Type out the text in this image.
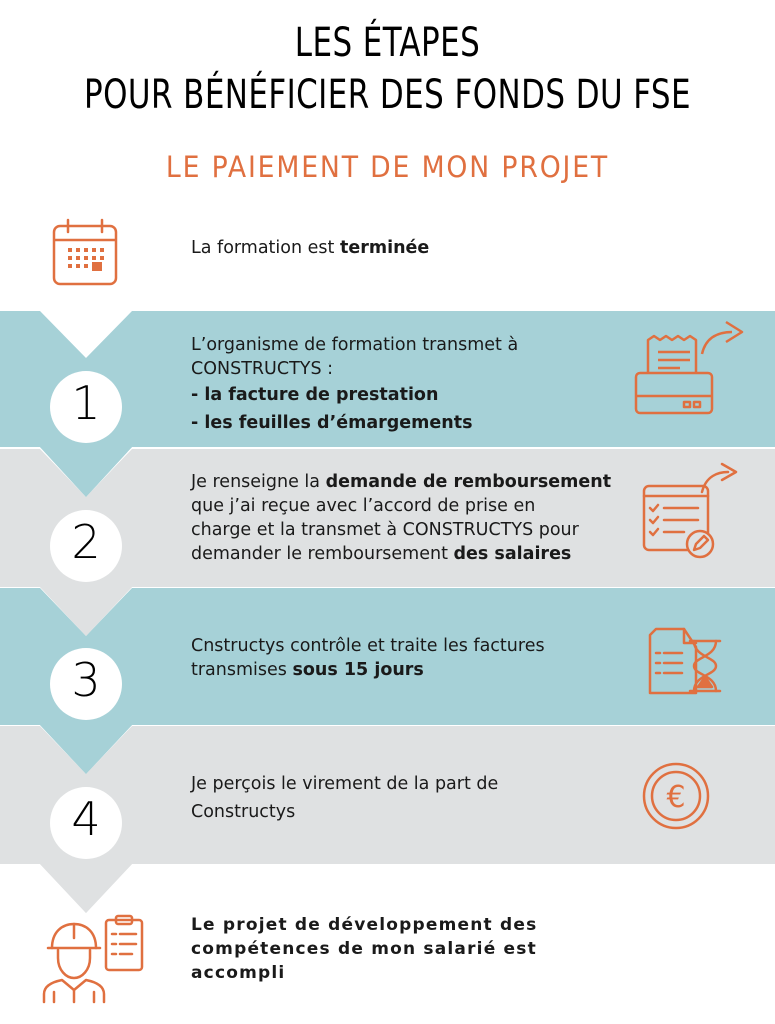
LES ÉTAPES
POUR BÉNÉFICIER DES FONDS DU FSE
LE PAIEMENT DE MON PROJET
La formation est terminée
1
L’organisme de formation transmet à
CONSTRUCTYS :
- la facture de prestation
- les feuilles d’émargements
2
Je renseigne la demande de remboursement
que j’ai reçue avec l’accord de prise en
charge et la transmet à CONSTRUCTYS pour
demander le remboursement des salaires
3
Cnstructys contrôle et traite les factures
transmises sous 15 jours
4
Je perçois le virement de la part de
Constructys	€
Le projet de développement des
compétences de mon salarié est
accompli
